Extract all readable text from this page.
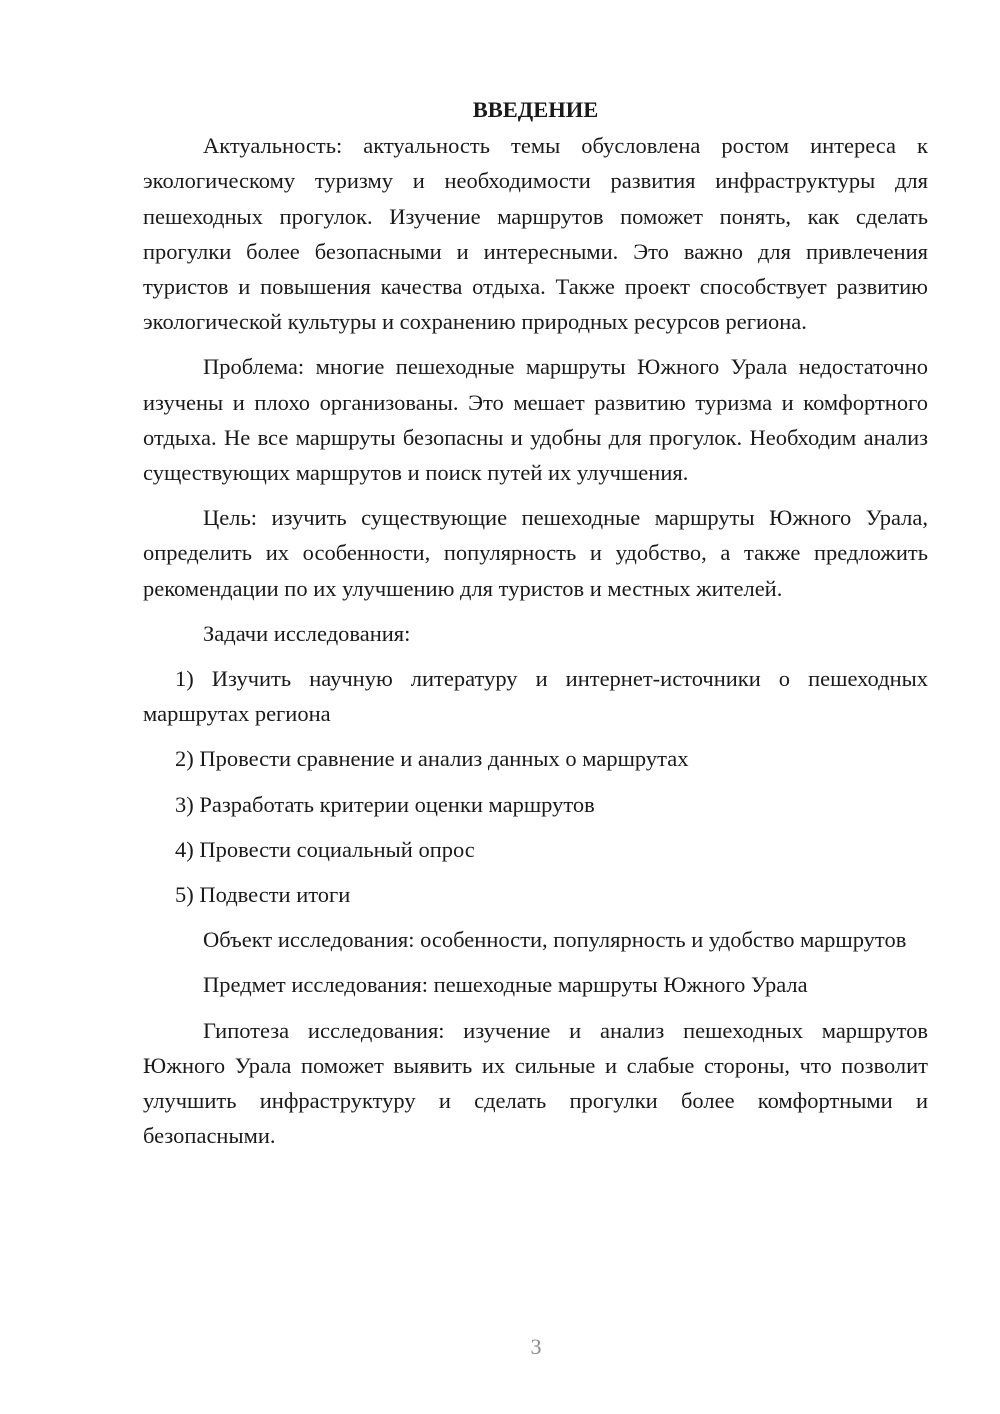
ВВЕДЕНИЕ

Актуальность: актуальность темы обусловлена ростом интереса к экологическому туризму и необходимости развития инфраструктуры для пешеходных прогулок. Изучение маршрутов поможет понять, как сделать прогулки более безопасными и интересными. Это важно для привлечения туристов и повышения качества отдыха. Также проект способствует развитию экологической культуры и сохранению природных ресурсов региона.

Проблема: многие пешеходные маршруты Южного Урала недостаточно изучены и плохо организованы. Это мешает развитию туризма и комфортного отдыха. Не все маршруты безопасны и удобны для прогулок. Необходим анализ существующих маршрутов и поиск путей их улучшения.

Цель: изучить существующие пешеходные маршруты Южного Урала, определить их особенности, популярность и удобство, а также предложить рекомендации по их улучшению для туристов и местных жителей.

Задачи исследования:

1) Изучить научную литературу и интернет-источники о пешеходных маршрутах региона

2) Провести сравнение и анализ данных о маршрутах

3) Разработать критерии оценки маршрутов

4) Провести социальный опрос

5) Подвести итоги

Объект исследования: особенности, популярность и удобство маршрутов

Предмет исследования: пешеходные маршруты Южного Урала

Гипотеза исследования: изучение и анализ пешеходных маршрутов Южного Урала поможет выявить их сильные и слабые стороны, что позволит улучшить инфраструктуру и сделать прогулки более комфортными и безопасными.

3
